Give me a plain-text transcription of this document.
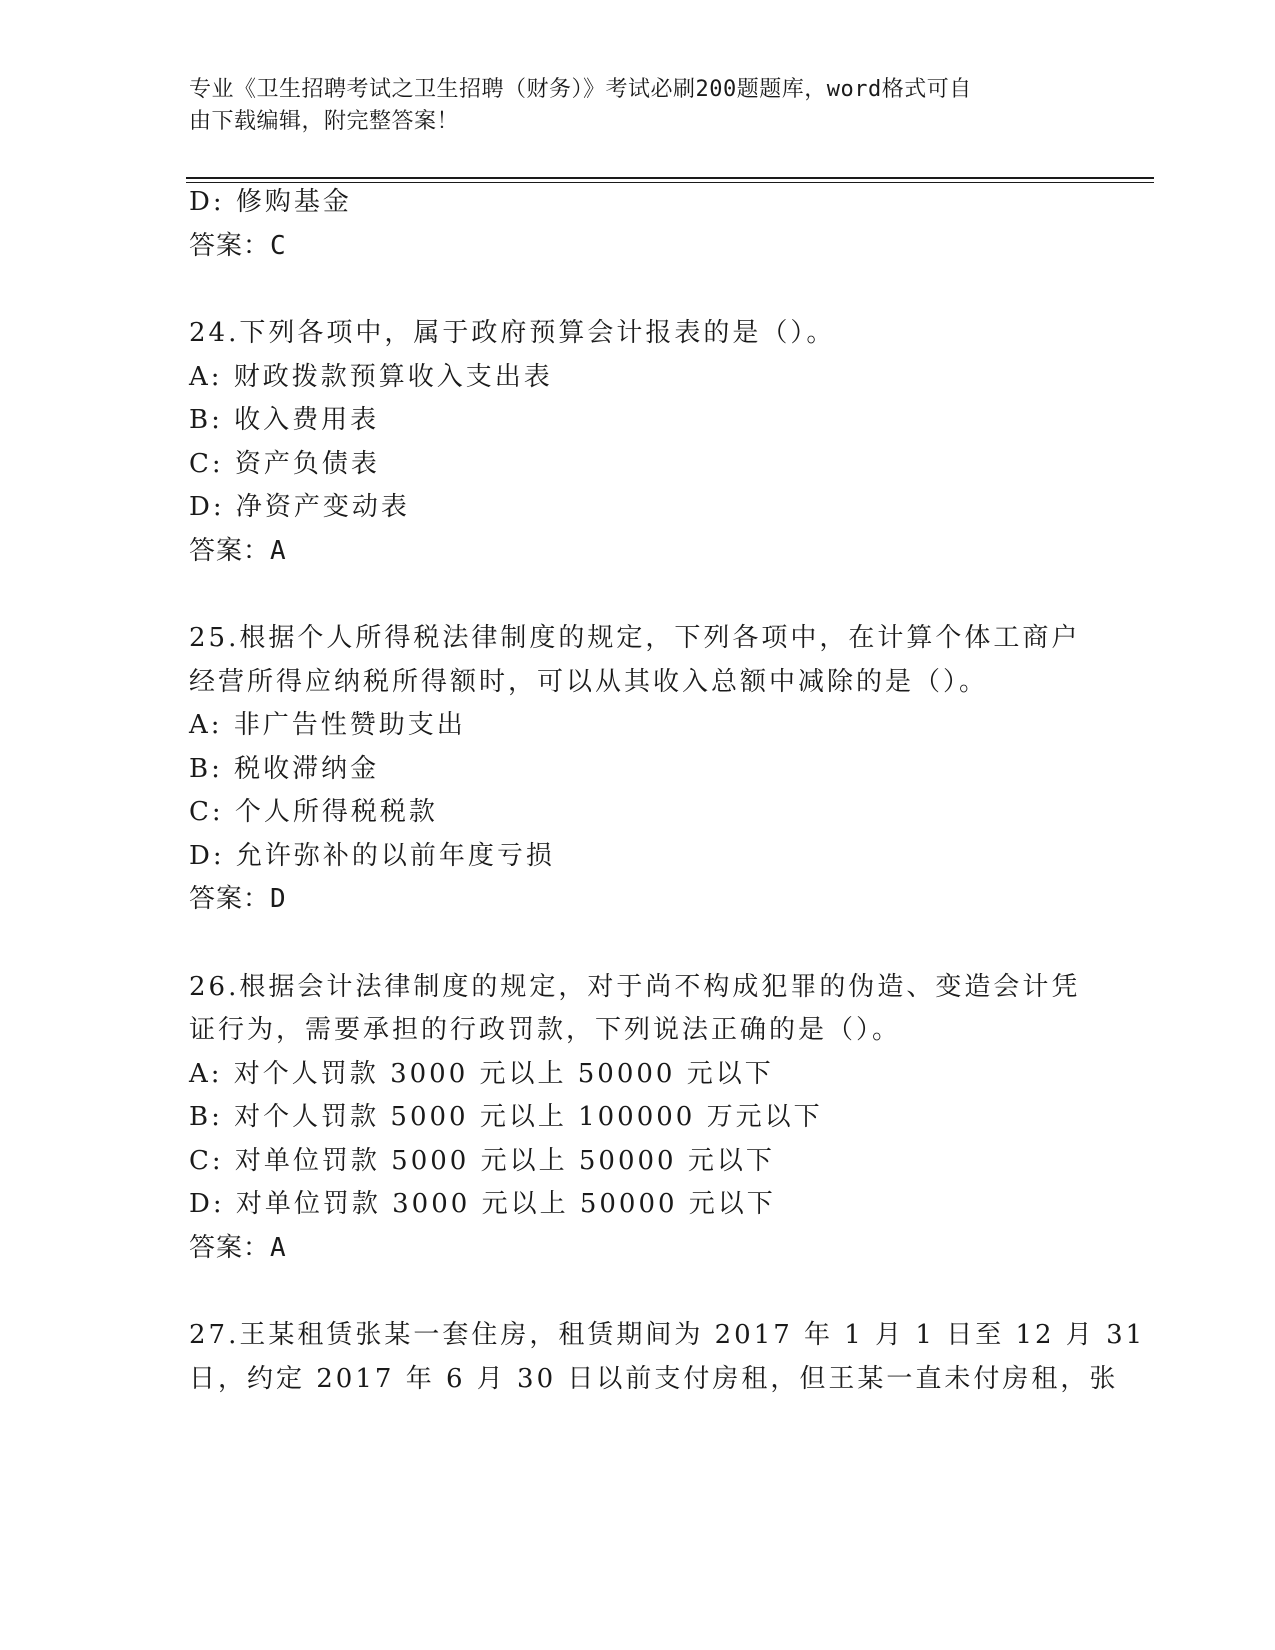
专业《卫生招聘考试之卫生招聘（财务）》考试必刷200题题库，word格式可自
由下载编辑，附完整答案！
D: 修购基金
答案：C
24.下列各项中，属于政府预算会计报表的是（）。
A: 财政拨款预算收入支出表
B: 收入费用表
C: 资产负债表
D: 净资产变动表
答案：A
25.根据个人所得税法律制度的规定，下列各项中，在计算个体工商户
经营所得应纳税所得额时，可以从其收入总额中减除的是（）。
A: 非广告性赞助支出
B: 税收滞纳金
C: 个人所得税税款
D: 允许弥补的以前年度亏损
答案：D
26.根据会计法律制度的规定，对于尚不构成犯罪的伪造、变造会计凭
证行为，需要承担的行政罚款，下列说法正确的是（）。
A: 对个人罚款 3000 元以上 50000 元以下
B: 对个人罚款 5000 元以上 100000 万元以下
C: 对单位罚款 5000 元以上 50000 元以下
D: 对单位罚款 3000 元以上 50000 元以下
答案：A
27.王某租赁张某一套住房，租赁期间为 2017 年 1 月 1 日至 12 月 31
日，约定 2017 年 6 月 30 日以前支付房租，但王某一直未付房租，张
